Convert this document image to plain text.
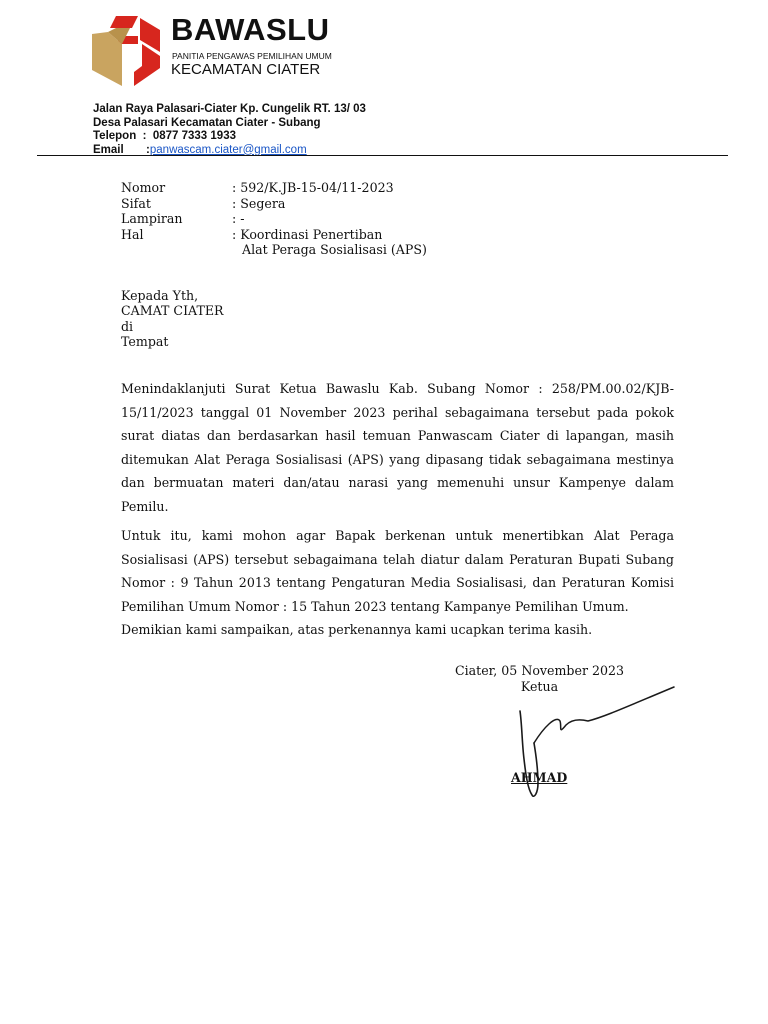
BAWASLU
PANITIA PENGAWAS PEMILIHAN UMUM
KECAMATAN CIATER
Jalan Raya Palasari-Ciater Kp. Cungelik RT. 13/ 03
Desa Palasari Kecamatan Ciater - Subang
Telepon  :  0877 7333 1933
Email       : panwascam.ciater@gmail.com
Nomor	: 592/K.JB-15-04/11-2023
Sifat	: Segera
Lampiran	: -
Hal	: Koordinasi Penertiban
Alat Peraga Sosialisasi (APS)
Kepada Yth,
CAMAT CIATER
di
Tempat

Menindaklanjuti Surat Ketua Bawaslu Kab. Subang Nomor : 258/PM.00.02/KJB-15/11/2023 tanggal 01 November 2023 perihal sebagaimana tersebut pada pokok surat diatas dan berdasarkan hasil temuan Panwascam Ciater di lapangan, masih ditemukan Alat Peraga Sosialisasi (APS) yang dipasang tidak sebagaimana mestinya dan bermuatan materi dan/atau narasi yang memenuhi unsur Kampenye dalam Pemilu.

Untuk itu, kami mohon agar Bapak berkenan untuk menertibkan Alat Peraga Sosialisasi (APS) tersebut sebagaimana telah diatur dalam Peraturan Bupati Subang Nomor : 9 Tahun 2013 tentang Pengaturan Media Sosialisasi, dan Peraturan Komisi Pemilihan Umum Nomor : 15 Tahun 2023 tentang Kampanye Pemilihan Umum.

Demikian kami sampaikan, atas perkenannya kami ucapkan terima kasih.

Ciater, 05 November 2023
Ketua
AHMAD
